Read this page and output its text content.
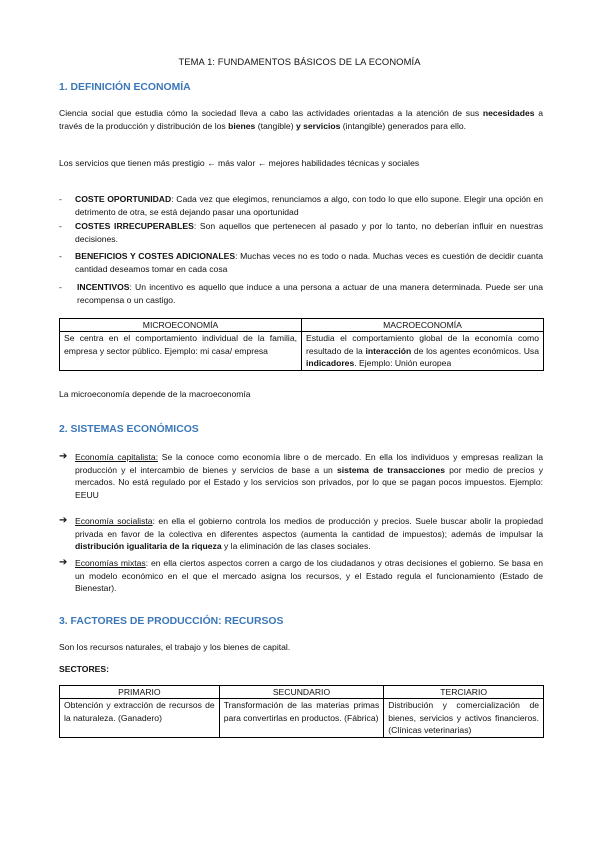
TEMA 1: FUNDAMENTOS BÁSICOS DE LA ECONOMÍA
1. DEFINICIÓN ECONOMÍA
Ciencia social que estudia cómo la sociedad lleva a cabo las actividades orientadas a la atención de sus necesidades a través de la producción y distribución de los bienes (tangible) y servicios (intangible) generados para ello.
Los servicios que tienen más prestigio ← más valor ← mejores habilidades técnicas y sociales
- COSTE OPORTUNIDAD: Cada vez que elegimos, renunciamos a algo, con todo lo que ello supone. Elegir una opción en detrimento de otra, se está dejando pasar una oportunidad
- COSTES IRRECUPERABLES: Son aquellos que pertenecen al pasado y por lo tanto, no deberían influir en nuestras decisiones.
- BENEFICIOS Y COSTES ADICIONALES: Muchas veces no es todo o nada. Muchas veces es cuestión de decidir cuanta cantidad deseamos tomar en cada cosa
- INCENTIVOS: Un incentivo es aquello que induce a una persona a actuar de una manera determinada. Puede ser una recompensa o un castigo.
MICROECONOMÍA	MACROECONOMÍA
Se centra en el comportamiento individual de la familia, empresa y sector público. Ejemplo: mi casa/ empresa	Estudia el comportamiento global de la economía como resultado de la interacción de los agentes económicos. Usa indicadores. Ejemplo: Unión europea
La microeconomía depende de la macroeconomía
2. SISTEMAS ECONÓMICOS
➔ Economía capitalista: Se la conoce como economía libre o de mercado. En ella los individuos y empresas realizan la producción y el intercambio de bienes y servicios de base a un sistema de transacciones por medio de precios y mercados. No está regulado por el Estado y los servicios son privados, por lo que se pagan pocos impuestos. Ejemplo: EEUU
➔ Economía socialista: en ella el gobierno controla los medios de producción y precios. Suele buscar abolir la propiedad privada en favor de la colectiva en diferentes aspectos (aumenta la cantidad de impuestos); además de impulsar la distribución igualitaria de la riqueza y la eliminación de las clases sociales.
➔ Economías mixtas: en ella ciertos aspectos corren a cargo de los ciudadanos y otras decisiones el gobierno. Se basa en un modelo económico en el que el mercado asigna los recursos, y el Estado regula el funcionamiento (Estado de Bienestar).
3. FACTORES DE PRODUCCIÓN: RECURSOS
Son los recursos naturales, el trabajo y los bienes de capital.
SECTORES:
PRIMARIO	SECUNDARIO	TERCIARIO
Obtención y extracción de recursos de la naturaleza. (Ganadero)	Transformación de las materias primas para convertirlas en productos. (Fábrica)	Distribución y comercialización de bienes, servicios y activos financieros. (Clínicas veterinarias)
